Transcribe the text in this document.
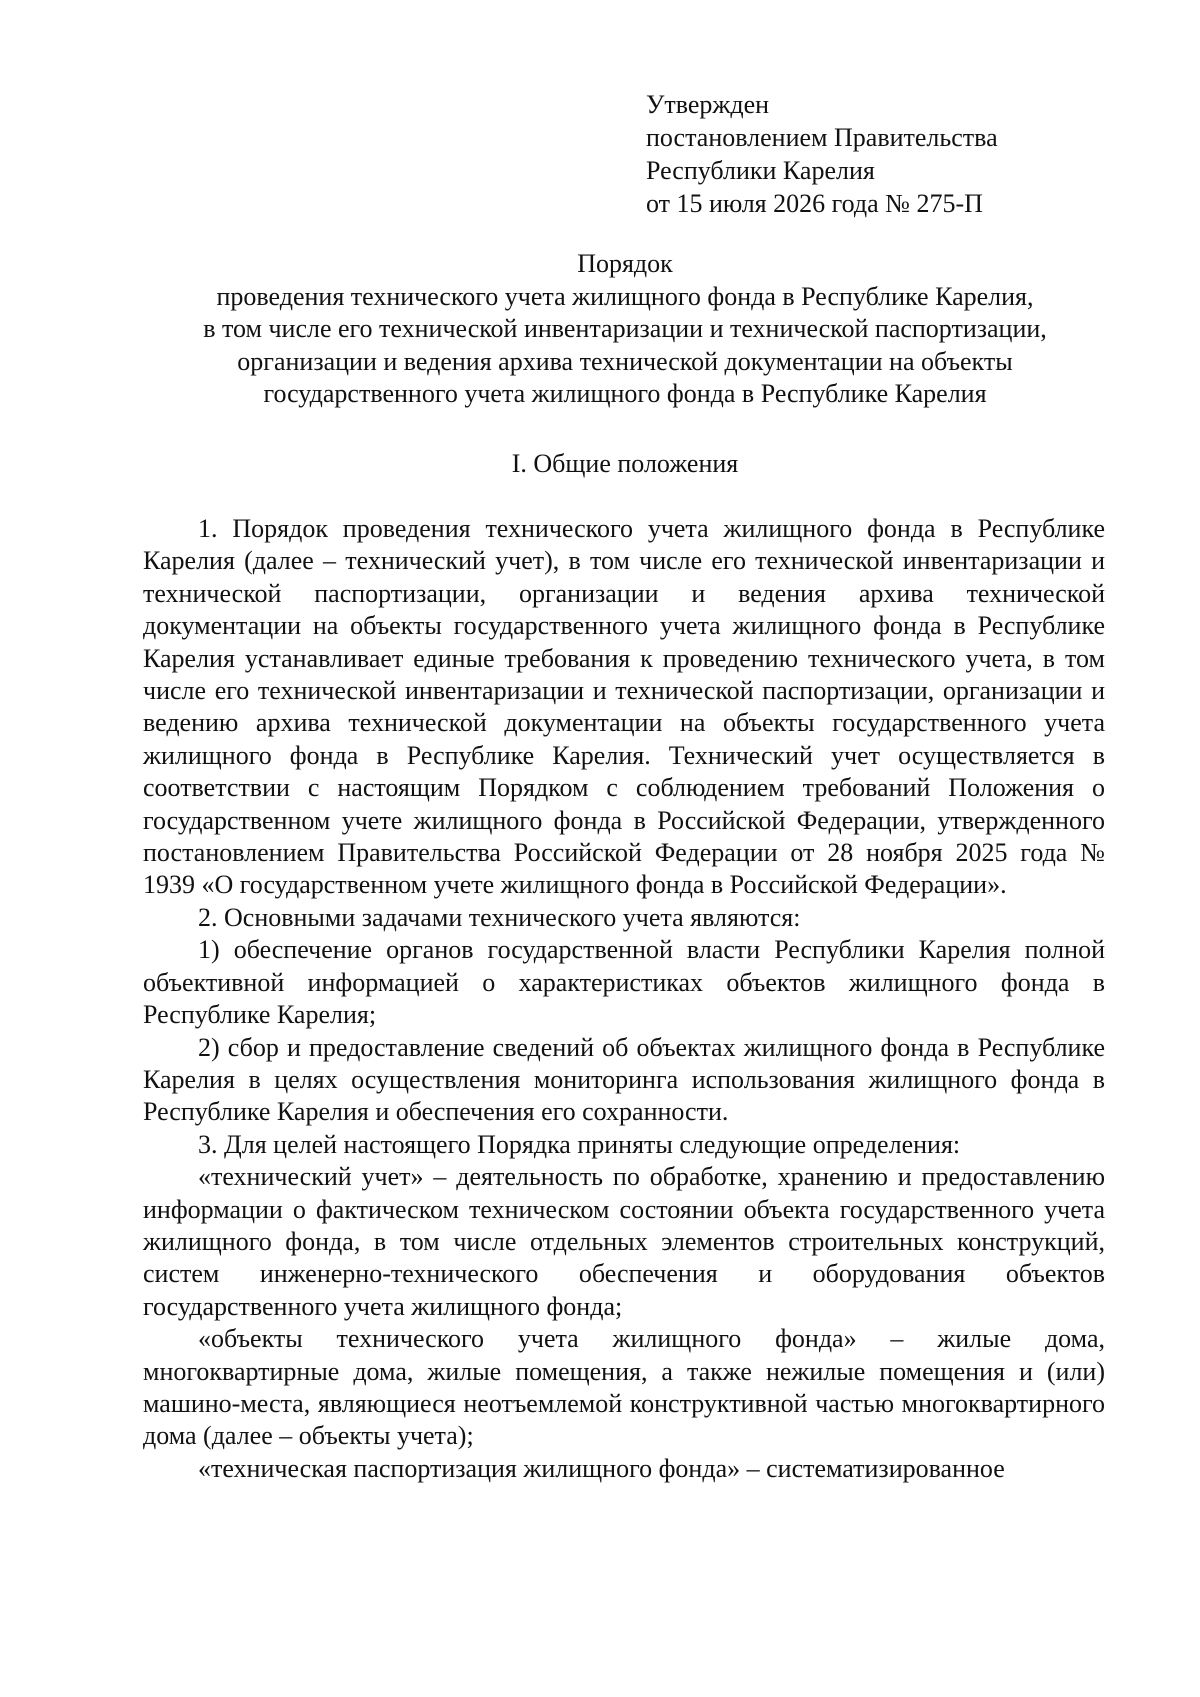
Утвержден
постановлением Правительства
Республики Карелия
от 15 июля 2026 года № 275-П
Порядок
проведения технического учета жилищного фонда в Республике Карелия,
в том числе его технической инвентаризации и технической паспортизации,
организации и ведения архива технической документации на объекты
государственного учета жилищного фонда в Республике Карелия
I. Общие положения

1. Порядок проведения технического учета жилищного фонда в Республике Карелия (далее – технический учет), в том числе его технической инвентаризации и технической паспортизации, организации и ведения архива технической документации на объекты государственного учета жилищного фонда в Республике Карелия устанавливает единые требования к проведению технического учета, в том числе его технической инвентаризации и технической паспортизации, организации и ведению архива технической документации на объекты государственного учета жилищного фонда в Республике Карелия. Технический учет осуществляется в соответствии с настоящим Порядком с соблюдением требований Положения о государственном учете жилищного фонда в Российской Федерации, утвержденного постановлением Правительства Российской Федерации от 28 ноября 2025 года № 1939 «О государственном учете жилищного фонда в Российской Федерации».

2. Основными задачами технического учета являются:

1) обеспечение органов государственной власти Республики Карелия полной объективной информацией о характеристиках объектов жилищного фонда в Республике Карелия;

2) сбор и предоставление сведений об объектах жилищного фонда в Республике Карелия в целях осуществления мониторинга использования жилищного фонда в Республике Карелия и обеспечения его сохранности.

3. Для целей настоящего Порядка приняты следующие определения:

«технический учет» – деятельность по обработке, хранению и предоставлению информации о фактическом техническом состоянии объекта государственного учета жилищного фонда, в том числе отдельных элементов строительных конструкций, систем инженерно-технического обеспечения и оборудования объектов государственного учета жилищного фонда;

«объекты технического учета жилищного фонда» – жилые дома, многоквартирные дома, жилые помещения, а также нежилые помещения и (или) машино-места, являющиеся неотъемлемой конструктивной частью многоквартирного дома (далее – объекты учета);

«техническая паспортизация жилищного фонда» – систематизированное
